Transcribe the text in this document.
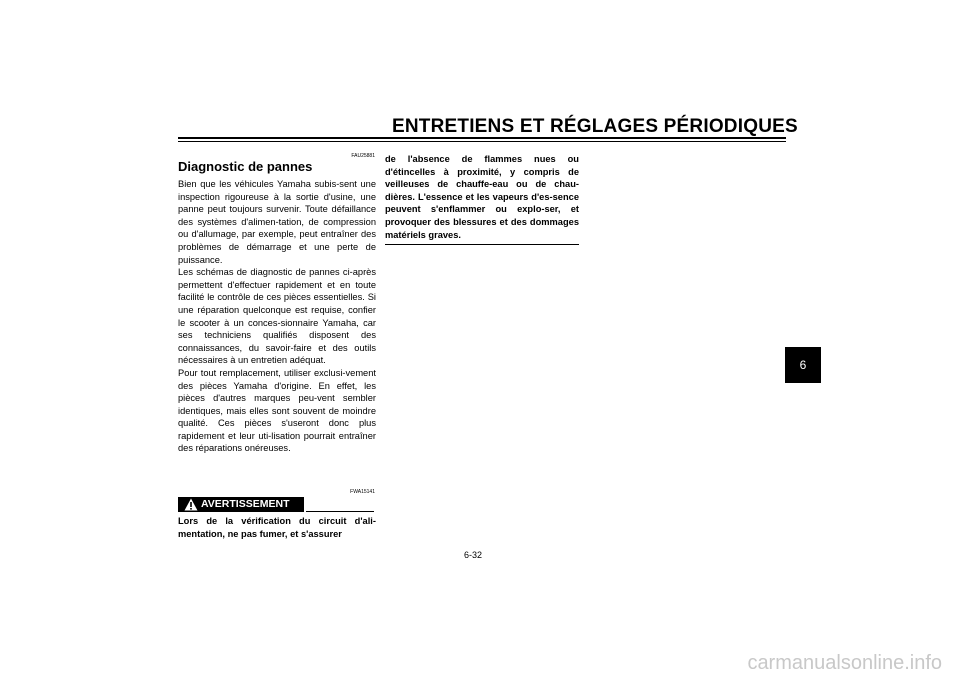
ENTRETIENS ET RÉGLAGES PÉRIODIQUES
FAU25881
Diagnostic de pannes

Bien que les véhicules Yamaha subis-sent une inspection rigoureuse à la sortie d'usine, une panne peut toujours survenir. Toute défaillance des systèmes d'alimen-tation, de compression ou d'allumage, par exemple, peut entraîner des problèmes de démarrage et une perte de puissance.

Les schémas de diagnostic de pannes ci-après permettent d'effectuer rapidement et en toute facilité le contrôle de ces pièces essentielles. Si une réparation quelconque est requise, confier le scooter à un conces-sionnaire Yamaha, car ses techniciens qualifiés disposent des connaissances, du savoir-faire et des outils nécessaires à un entretien adéquat.

Pour tout remplacement, utiliser exclusi-vement des pièces Yamaha d'origine. En effet, les pièces d'autres marques peu-vent sembler identiques, mais elles sont souvent de moindre qualité. Ces pièces s'useront donc plus rapidement et leur uti-lisation pourrait entraîner des réparations onéreuses.

FWA15141
AVERTISSEMENT
Lors de la vérification du circuit d'ali-mentation, ne pas fumer, et s'assurer
de l'absence de flammes nues ou d'étincelles à proximité, y compris de veilleuses de chauffe-eau ou de chau-dières. L'essence et les vapeurs d'es-sence peuvent s'enflammer ou explo-ser, et provoquer des blessures et des dommages matériels graves.
6-32
6
carmanualsonline.info
